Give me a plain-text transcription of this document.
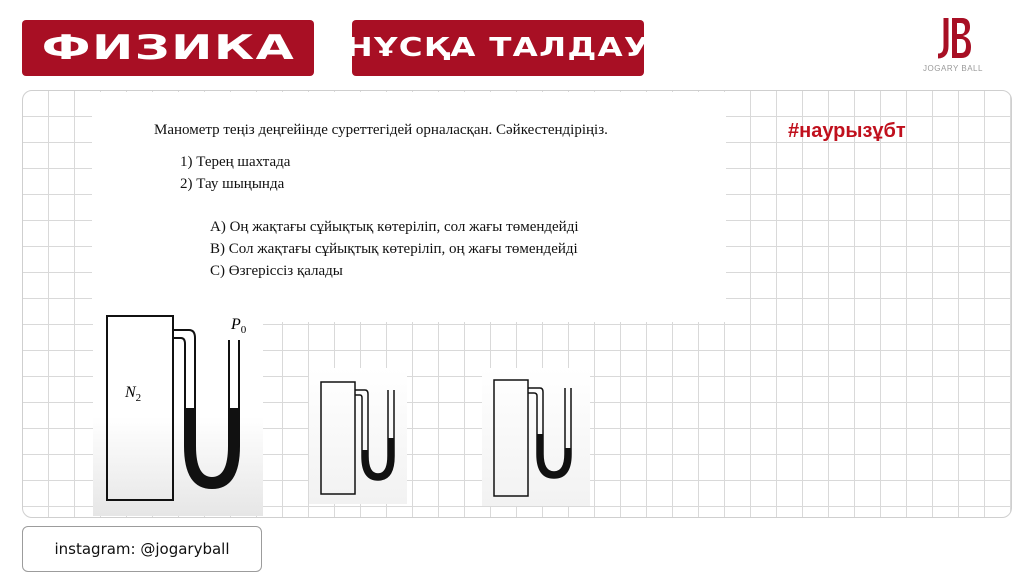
ФИЗИКА НҰСҚА ТАЛДАУ
JOGARY BALL
Манометр теңіз деңгейінде суреттегідей орналасқан. Сәйкестендіріңіз.
1) Терең шахтада
2) Тау шыңында
А) Оң жақтағы сұйықтық көтеріліп, сол жағы төмендейді
В) Сол жақтағы сұйықтық көтеріліп, оң жағы төмендейді
С) Өзгеріссіз қалады
#наурызұбт
$N_2$
$P_0$
instagram: @jogaryball
